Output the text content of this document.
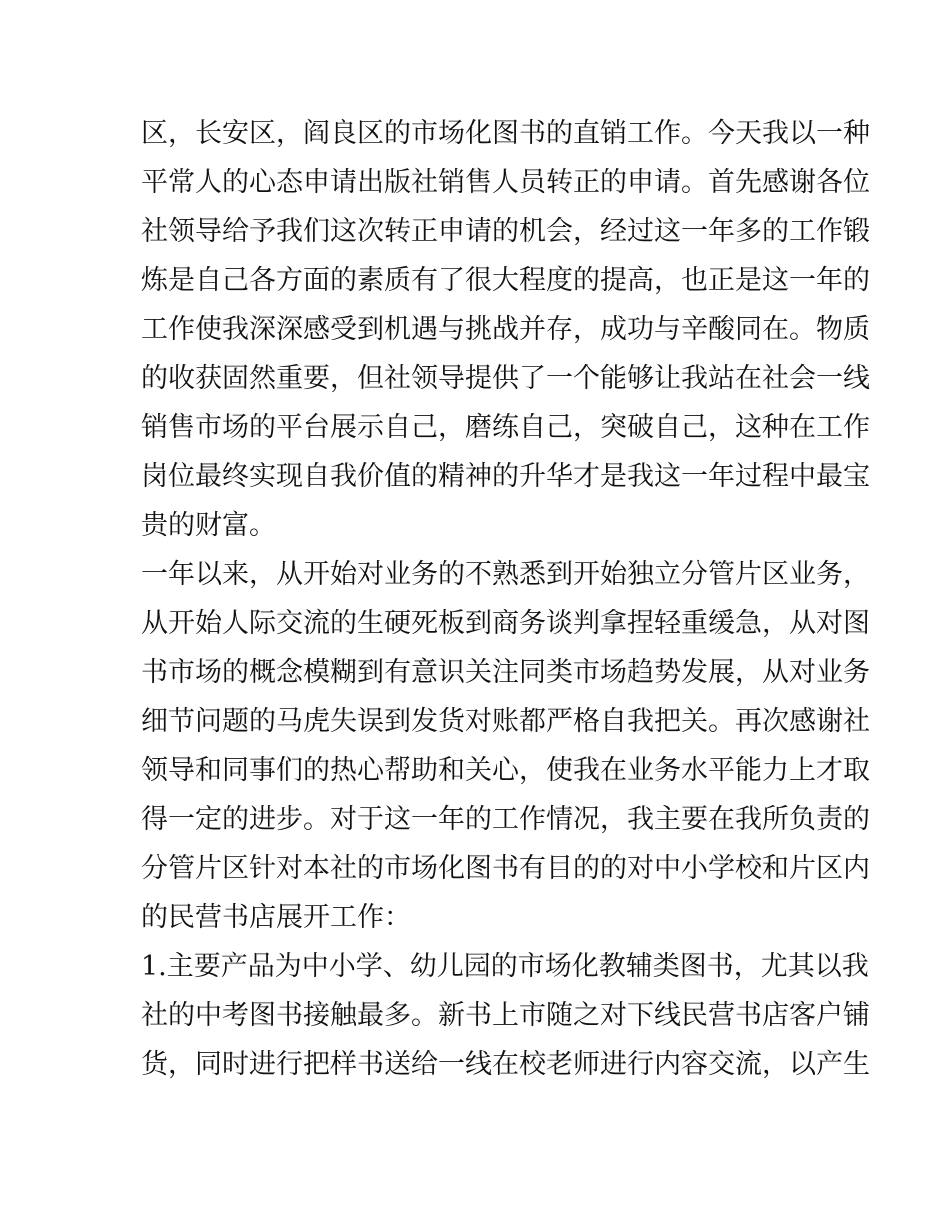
区，长安区，阎良区的市场化图书的直销工作。今天我以一种
平常人的心态申请出版社销售人员转正的申请。首先感谢各位
社领导给予我们这次转正申请的机会，经过这一年多的工作锻
炼是自己各方面的素质有了很大程度的提高，也正是这一年的
工作使我深深感受到机遇与挑战并存，成功与辛酸同在。物质
的收获固然重要，但社领导提供了一个能够让我站在社会一线
销售市场的平台展示自己，磨练自己，突破自己，这种在工作
岗位最终实现自我价值的精神的升华才是我这一年过程中最宝
贵的财富。
一年以来，从开始对业务的不熟悉到开始独立分管片区业务，
从开始人际交流的生硬死板到商务谈判拿捏轻重缓急，从对图
书市场的概念模糊到有意识关注同类市场趋势发展，从对业务
细节问题的马虎失误到发货对账都严格自我把关。再次感谢社
领导和同事们的热心帮助和关心，使我在业务水平能力上才取
得一定的进步。对于这一年的工作情况，我主要在我所负责的
分管片区针对本社的市场化图书有目的的对中小学校和片区内
的民营书店展开工作：
1.主要产品为中小学、幼儿园的市场化教辅类图书，尤其以我
社的中考图书接触最多。新书上市随之对下线民营书店客户铺
货，同时进行把样书送给一线在校老师进行内容交流，以产生
